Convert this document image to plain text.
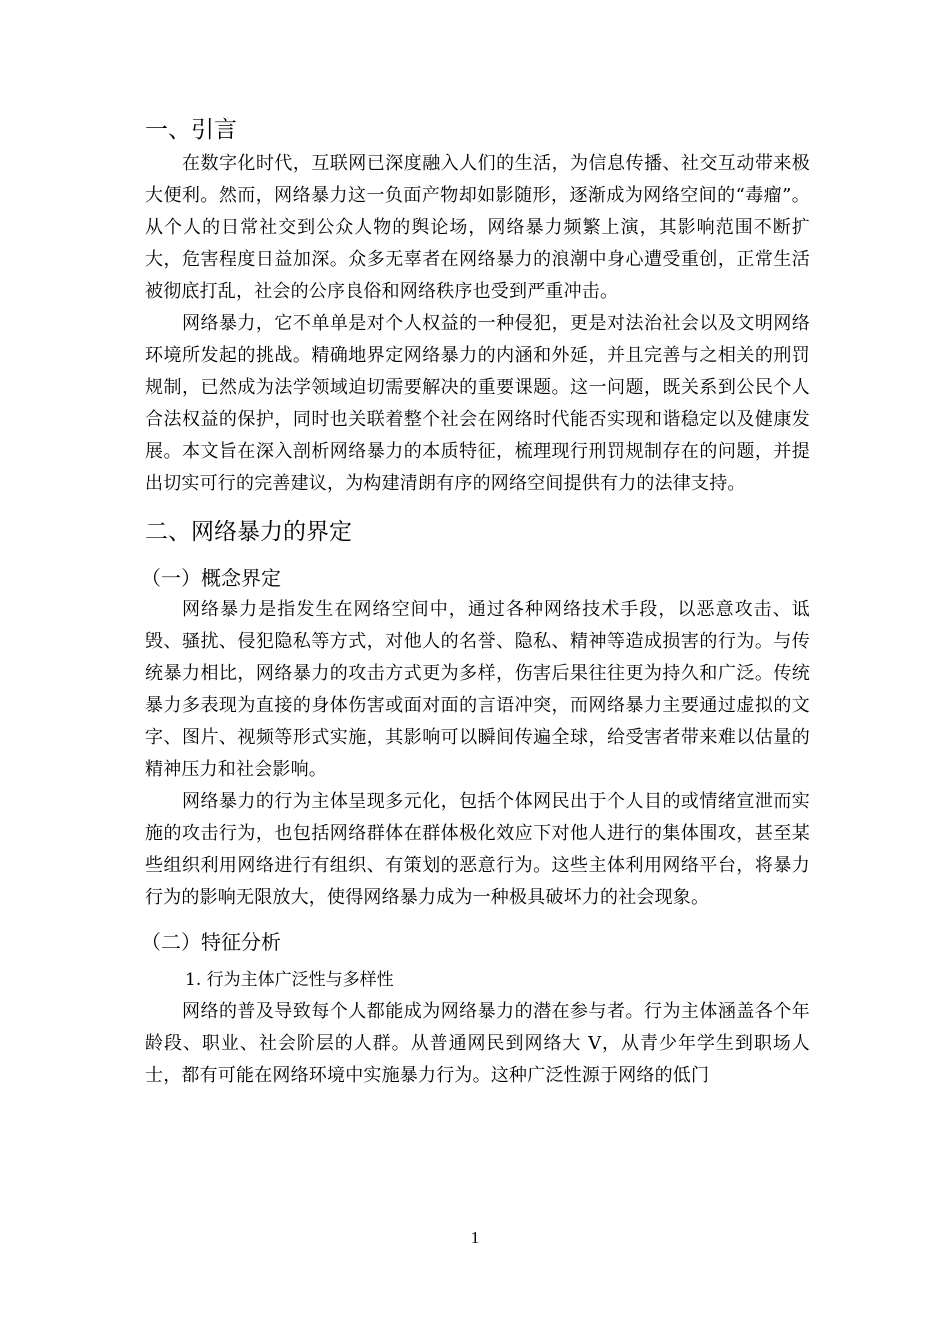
一、引言

在数字化时代，互联网已深度融入人们的生活，为信息传播、社交互动带来极大便利。然而，网络暴力这一负面产物却如影随形，逐渐成为网络空间的“毒瘤”。从个人的日常社交到公众人物的舆论场，网络暴力频繁上演，其影响范围不断扩大，危害程度日益加深。众多无辜者在网络暴力的浪潮中身心遭受重创，正常生活被彻底打乱，社会的公序良俗和网络秩序也受到严重冲击。

网络暴力，它不单单是对个人权益的一种侵犯，更是对法治社会以及文明网络环境所发起的挑战。精确地界定网络暴力的内涵和外延，并且完善与之相关的刑罚规制，已然成为法学领域迫切需要解决的重要课题。这一问题，既关系到公民个人合法权益的保护，同时也关联着整个社会在网络时代能否实现和谐稳定以及健康发展。本文旨在深入剖析网络暴力的本质特征，梳理现行刑罚规制存在的问题，并提出切实可行的完善建议，为构建清朗有序的网络空间提供有力的法律支持。

二、网络暴力的界定
（一）概念界定

网络暴力是指发生在网络空间中，通过各种网络技术手段，以恶意攻击、诋毁、骚扰、侵犯隐私等方式，对他人的名誉、隐私、精神等造成损害的行为。与传统暴力相比，网络暴力的攻击方式更为多样，伤害后果往往更为持久和广泛。传统暴力多表现为直接的身体伤害或面对面的言语冲突，而网络暴力主要通过虚拟的文字、图片、视频等形式实施，其影响可以瞬间传遍全球，给受害者带来难以估量的精神压力和社会影响。

网络暴力的行为主体呈现多元化，包括个体网民出于个人目的或情绪宣泄而实施的攻击行为，也包括网络群体在群体极化效应下对他人进行的集体围攻，甚至某些组织利用网络进行有组织、有策划的恶意行为。这些主体利用网络平台，将暴力行为的影响无限放大，使得网络暴力成为一种极具破坏力的社会现象。

（二）特征分析

1. 行为主体广泛性与多样性

网络的普及导致每个人都能成为网络暴力的潜在参与者。行为主体涵盖各个年龄段、职业、社会阶层的人群。从普通网民到网络大 V，从青少年学生到职场人士，都有可能在网络环境中实施暴力行为。这种广泛性源于网络的低门

1
